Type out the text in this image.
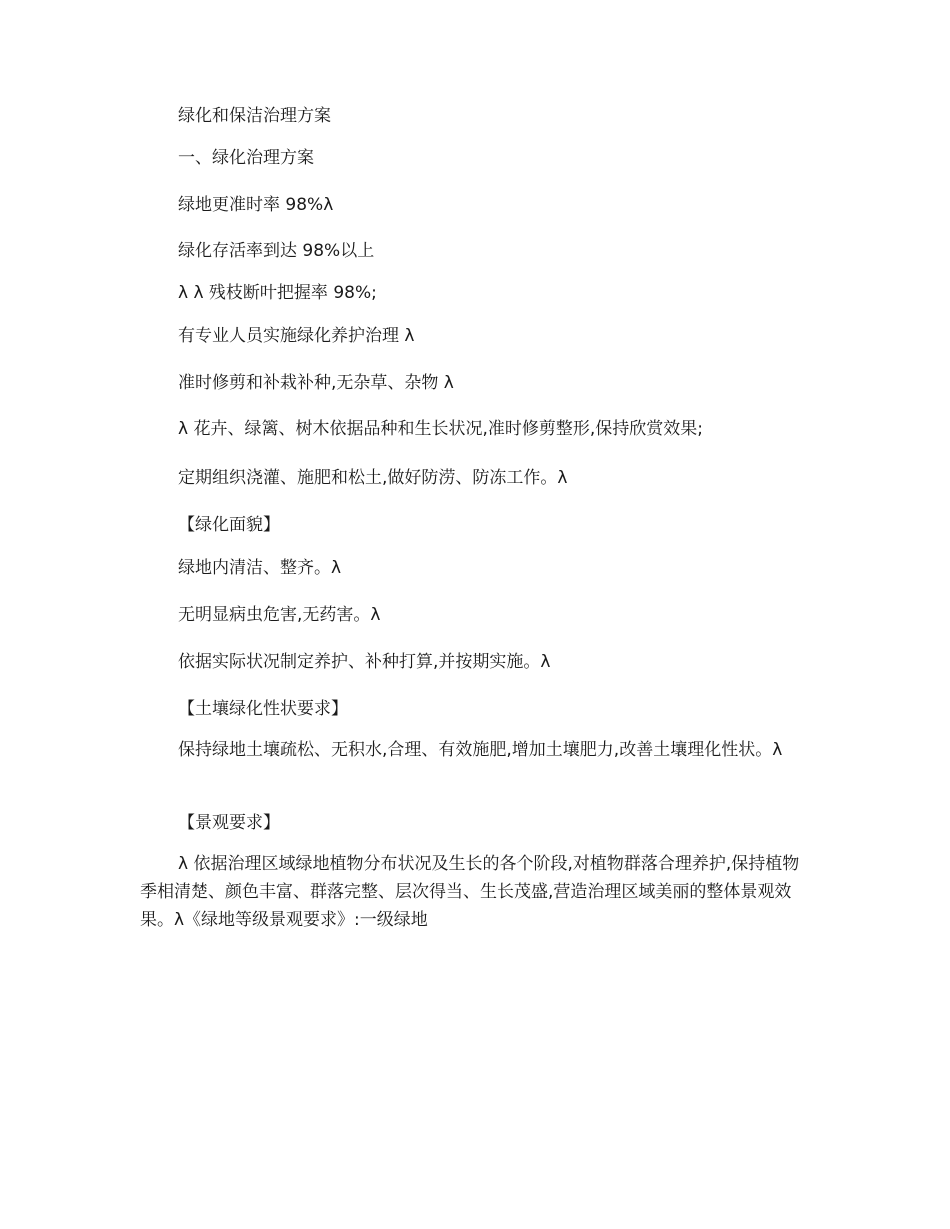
绿化和保洁治理方案
一、绿化治理方案
绿地更准时率 98%λ
绿化存活率到达 98%以上
λ λ 残枝断叶把握率 98%;
有专业人员实施绿化养护治理 λ
准时修剪和补栽补种,无杂草、杂物 λ
λ 花卉、绿篱、树木依据品种和生长状况,准时修剪整形,保持欣赏效果;
定期组织浇灌、施肥和松土,做好防涝、防冻工作。λ
【绿化面貌】
绿地内清洁、整齐。λ
无明显病虫危害,无药害。λ
依据实际状况制定养护、补种打算,并按期实施。λ
【土壤绿化性状要求】
保持绿地土壤疏松、无积水,合理、有效施肥,增加土壤肥力,改善土壤理化性状。λ
【景观要求】
λ 依据治理区域绿地植物分布状况及生长的各个阶段,对植物群落合理养护,保持植物季相清楚、颜色丰富、群落完整、层次得当、生长茂盛,营造治理区域美丽的整体景观效果。λ《绿地等级景观要求》:一级绿地
